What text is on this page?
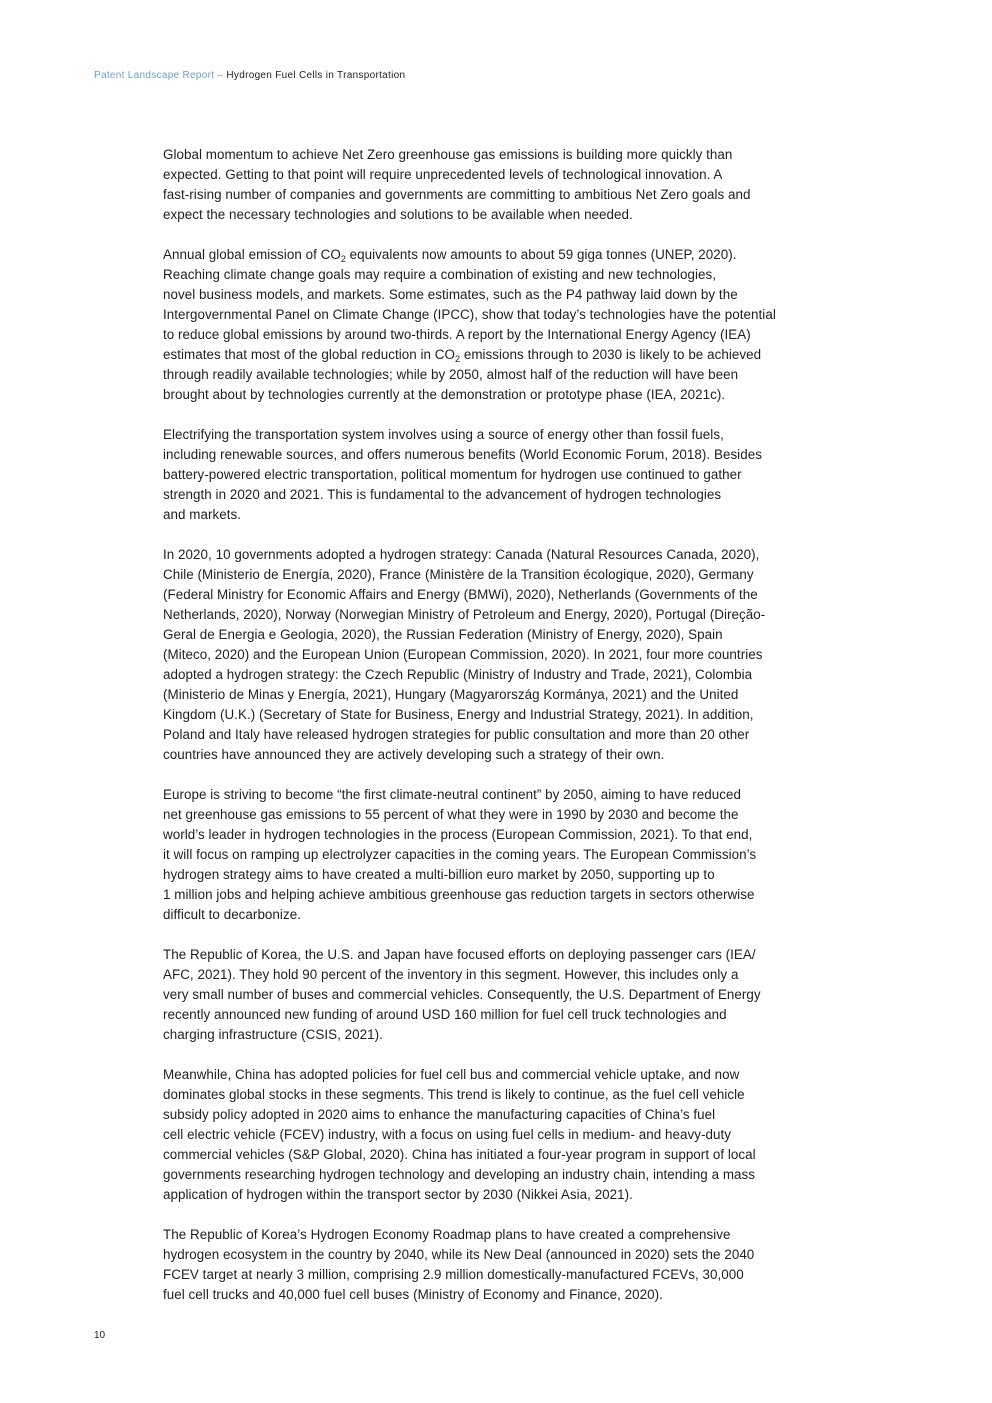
Patent Landscape Report – Hydrogen Fuel Cells in Transportation
Global momentum to achieve Net Zero greenhouse gas emissions is building more quickly than
expected. Getting to that point will require unprecedented levels of technological innovation. A
fast-rising number of companies and governments are committing to ambitious Net Zero goals and
expect the necessary technologies and solutions to be available when needed.
Annual global emission of $CO_2$ equivalents now amounts to about 59 giga tonnes (UNEP, 2020).
Reaching climate change goals may require a combination of existing and new technologies,
novel business models, and markets. Some estimates, such as the P4 pathway laid down by the
Intergovernmental Panel on Climate Change (IPCC), show that today’s technologies have the potential
to reduce global emissions by around two-thirds. A report by the International Energy Agency (IEA)
estimates that most of the global reduction in $CO_2$ emissions through to 2030 is likely to be achieved
through readily available technologies; while by 2050, almost half of the reduction will have been
brought about by technologies currently at the demonstration or prototype phase (IEA, 2021c).
Electrifying the transportation system involves using a source of energy other than fossil fuels,
including renewable sources, and offers numerous benefits (World Economic Forum, 2018). Besides
battery-powered electric transportation, political momentum for hydrogen use continued to gather
strength in 2020 and 2021. This is fundamental to the advancement of hydrogen technologies
and markets.
In 2020, 10 governments adopted a hydrogen strategy: Canada (Natural Resources Canada, 2020),
Chile (Ministerio de Energía, 2020), France (Ministère de la Transition écologique, 2020), Germany
(Federal Ministry for Economic Affairs and Energy (BMWi), 2020), Netherlands (Governments of the
Netherlands, 2020), Norway (Norwegian Ministry of Petroleum and Energy, 2020), Portugal (Direção-
Geral de Energia e Geologia, 2020), the Russian Federation (Ministry of Energy, 2020), Spain
(Miteco, 2020) and the European Union (European Commission, 2020). In 2021, four more countries
adopted a hydrogen strategy: the Czech Republic (Ministry of Industry and Trade, 2021), Colombia
(Ministerio de Minas y Energía, 2021), Hungary (Magyarország Kormánya, 2021) and the United
Kingdom (U.K.) (Secretary of State for Business, Energy and Industrial Strategy, 2021). In addition,
Poland and Italy have released hydrogen strategies for public consultation and more than 20 other
countries have announced they are actively developing such a strategy of their own.
Europe is striving to become “the first climate-neutral continent” by 2050, aiming to have reduced
net greenhouse gas emissions to 55 percent of what they were in 1990 by 2030 and become the
world’s leader in hydrogen technologies in the process (European Commission, 2021). To that end,
it will focus on ramping up electrolyzer capacities in the coming years. The European Commission’s
hydrogen strategy aims to have created a multi-billion euro market by 2050, supporting up to
1 million jobs and helping achieve ambitious greenhouse gas reduction targets in sectors otherwise
difficult to decarbonize.
The Republic of Korea, the U.S. and Japan have focused efforts on deploying passenger cars (IEA/
AFC, 2021). They hold 90 percent of the inventory in this segment. However, this includes only a
very small number of buses and commercial vehicles. Consequently, the U.S. Department of Energy
recently announced new funding of around USD 160 million for fuel cell truck technologies and
charging infrastructure (CSIS, 2021).
Meanwhile, China has adopted policies for fuel cell bus and commercial vehicle uptake, and now
dominates global stocks in these segments. This trend is likely to continue, as the fuel cell vehicle
subsidy policy adopted in 2020 aims to enhance the manufacturing capacities of China’s fuel
cell electric vehicle (FCEV) industry, with a focus on using fuel cells in medium- and heavy-duty
commercial vehicles (S&P Global, 2020). China has initiated a four-year program in support of local
governments researching hydrogen technology and developing an industry chain, intending a mass
application of hydrogen within the transport sector by 2030 (Nikkei Asia, 2021).
The Republic of Korea’s Hydrogen Economy Roadmap plans to have created a comprehensive
hydrogen ecosystem in the country by 2040, while its New Deal (announced in 2020) sets the 2040
FCEV target at nearly 3 million, comprising 2.9 million domestically-manufactured FCEVs, 30,000
fuel cell trucks and 40,000 fuel cell buses (Ministry of Economy and Finance, 2020).
10
